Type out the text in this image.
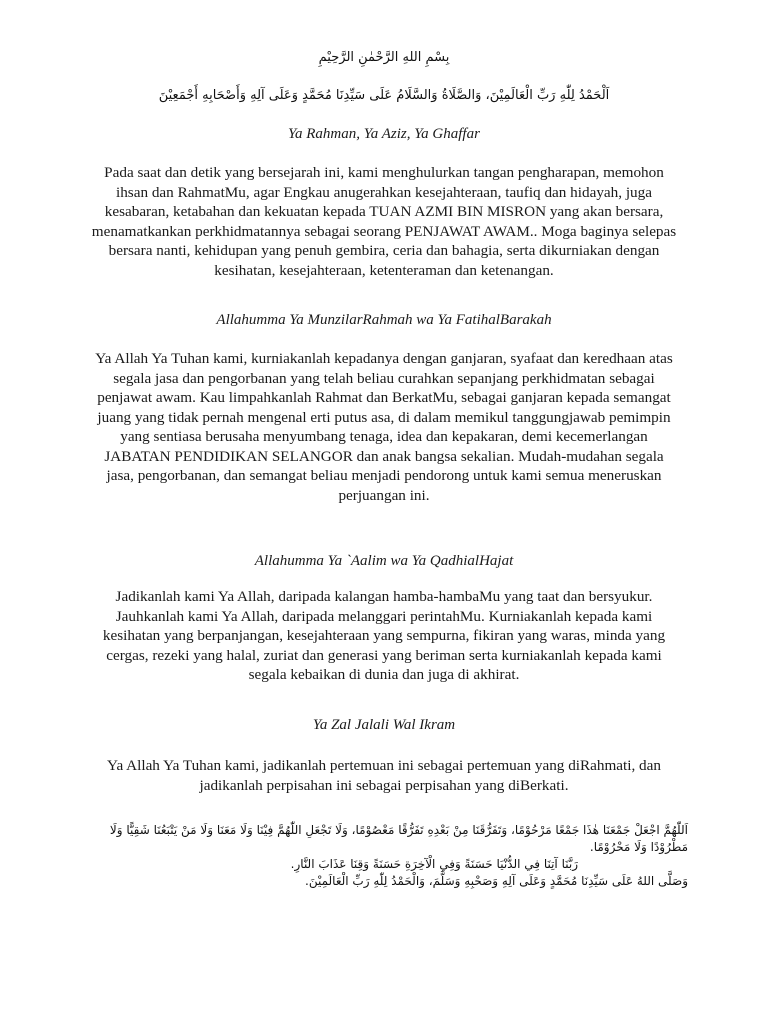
بِسْمِ اللهِ الرَّحْمٰنِ الرَّحِيْمِ
اَلْحَمْدُ لِلّٰهِ رَبِّ الْعَالَمِيْنَ، وَالصَّلَاةُ وَالسَّلَامُ عَلَى سَيِّدِنَا مُحَمَّدٍ وَعَلَى آلِهِ وَأَصْحَابِهِ أَجْمَعِيْنَ
Ya Rahman, Ya Aziz, Ya Ghaffar
Pada saat dan detik yang bersejarah ini, kami menghulurkan tangan pengharapan, memohon ihsan dan RahmatMu, agar Engkau anugerahkan kesejahteraan, taufiq dan hidayah, juga kesabaran, ketabahan dan kekuatan kepada TUAN AZMI BIN MISRON yang akan bersara, menamatkankan perkhidmatannya sebagai seorang PENJAWAT AWAM.. Moga baginya selepas bersara nanti, kehidupan yang penuh gembira, ceria dan bahagia, serta dikurniakan dengan kesihatan, kesejahteraan, ketenteraman dan ketenangan.
Allahumma Ya MunzilarRahmah wa Ya FatihalBarakah
Ya Allah Ya Tuhan kami, kurniakanlah kepadanya dengan ganjaran, syafaat dan keredhaan atas segala jasa dan pengorbanan yang telah beliau curahkan sepanjang perkhidmatan sebagai penjawat awam. Kau limpahkanlah Rahmat dan BerkatMu, sebagai ganjaran kepada semangat juang yang tidak pernah mengenal erti putus asa, di dalam memikul tanggungjawab pemimpin yang sentiasa berusaha menyumbang tenaga, idea dan kepakaran, demi kecemerlangan JABATAN PENDIDIKAN SELANGOR dan anak bangsa sekalian. Mudah-mudahan segala jasa, pengorbanan, dan semangat beliau menjadi pendorong untuk kami semua meneruskan perjuangan ini.
Allahumma Ya `Aalim wa Ya QadhialHajat
Jadikanlah kami Ya Allah, daripada kalangan hamba-hambaMu yang taat dan bersyukur. Jauhkanlah kami Ya Allah, daripada melanggari perintahMu. Kurniakanlah kepada kami kesihatan yang berpanjangan, kesejahteraan yang sempurna, fikiran yang waras, minda yang cergas, rezeki yang halal, zuriat dan generasi yang beriman serta kurniakanlah kepada kami segala kebaikan di dunia dan juga di akhirat.
Ya Zal Jalali Wal Ikram
Ya Allah Ya Tuhan kami, jadikanlah pertemuan ini sebagai pertemuan yang diRahmati, dan jadikanlah perpisahan ini sebagai perpisahan yang diBerkati.
اَللّٰهُمَّ اجْعَلْ جَمْعَنَا هٰذَا جَمْعًا مَرْحُوْمًا، وَتَفَرُّقَنَا مِنْ بَعْدِهِ تَفَرُّقًا مَعْصُوْمًا، وَلَا تَجْعَلِ اللّٰهُمَّ فِيْنَا وَلَا مَعَنَا وَلَا مَنْ يَتْبَعُنَا شَقِيًّا وَلَا مَطْرُوْدًا وَلَا مَحْرُوْمًا.
رَبَّنَا آتِنَا فِي الدُّنْيَا حَسَنَةً وَفِي الْآخِرَةِ حَسَنَةً وَقِنَا عَذَابَ النَّارِ.
وَصَلَّى اللهُ عَلَى سَيِّدِنَا مُحَمَّدٍ وَعَلَى آلِهِ وَصَحْبِهِ وَسَلَّمَ، وَالْحَمْدُ لِلّٰهِ رَبِّ الْعَالَمِيْنَ.
